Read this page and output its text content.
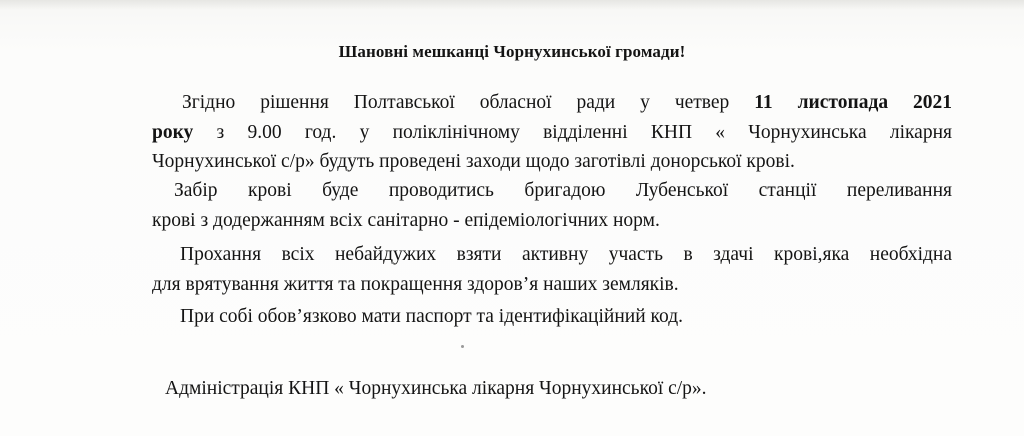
Шановні мешканці Чорнухинської громади!
Згідно рішення Полтавської обласної ради у четвер 11 листопада 2021
року з 9.00 год. у поліклінічному відділенні КНП « Чорнухинська лікарня
Чорнухинської с/р» будуть проведені заходи щодо заготівлі донорської крові.
Забір крові буде проводитись бригадою Лубенської станції переливання
крові з додержанням всіх санітарно - епідеміологічних норм.
Прохання всіх небайдужих взяти активну участь в здачі крові,яка необхідна
для врятування життя та покращення здоров’я наших земляків.
При собі обов’язково мати паспорт та ідентифікаційний код.
Адміністрація КНП « Чорнухинська лікарня Чорнухинської с/р».
